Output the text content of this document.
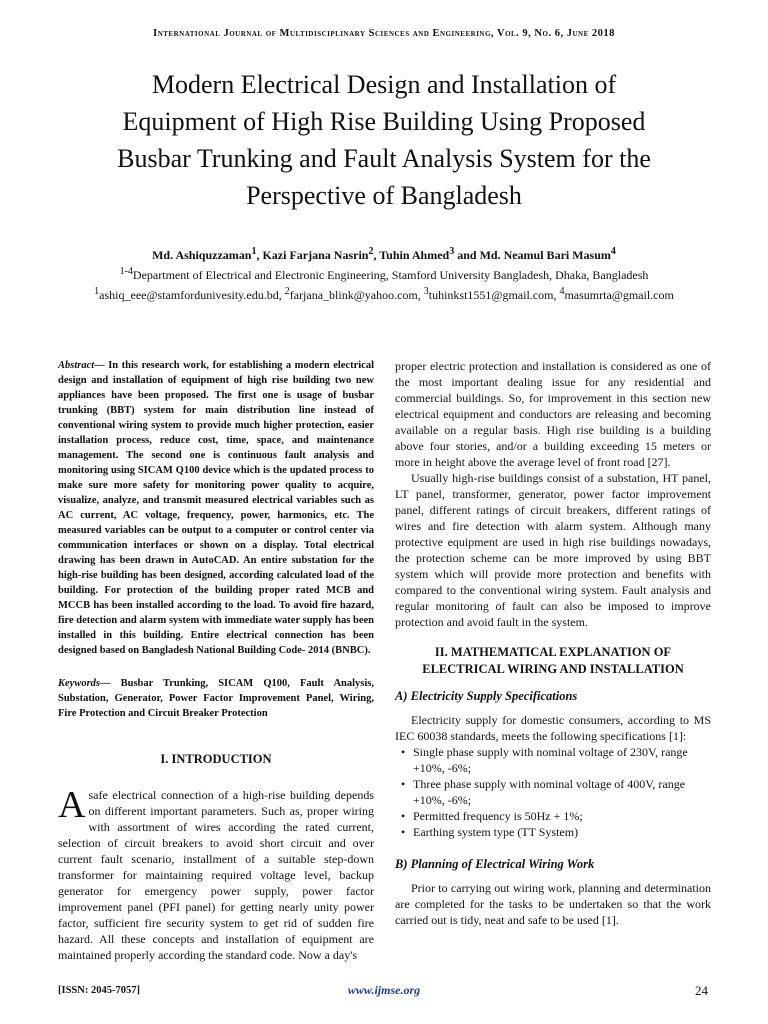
International Journal of Multidisciplinary Sciences and Engineering, Vol. 9, No. 6, June 2018
Modern Electrical Design and Installation of
Equipment of High Rise Building Using Proposed
Busbar Trunking and Fault Analysis System for the
Perspective of Bangladesh
Md. Ashiquzzaman$^1$, Kazi Farjana Nasrin$^2$, Tuhin Ahmed$^3$ and Md. Neamul Bari Masum$^4$
$^{1-4}$Department of Electrical and Electronic Engineering, Stamford University Bangladesh, Dhaka, Bangladesh
$^1$ashiq_eee@stamfordunivesity.edu.bd, $^2$farjana_blink@yahoo.com, $^3$tuhinkst1551@gmail.com, $^4$masumrta@gmail.com

Abstract— In this research work, for establishing a modern electrical design and installation of equipment of high rise building two new appliances have been proposed. The first one is usage of busbar trunking (BBT) system for main distribution line instead of conventional wiring system to provide much higher protection, easier installation process, reduce cost, time, space, and maintenance management. The second one is continuous fault analysis and monitoring using SICAM Q100 device which is the updated process to make sure more safety for monitoring power quality to acquire, visualize, analyze, and transmit measured electrical variables such as AC current, AC voltage, frequency, power, harmonics, etc. The measured variables can be output to a computer or control center via communication interfaces or shown on a display. Total electrical drawing has been drawn in AutoCAD. An entire substation for the high-rise building has been designed, according calculated load of the building. For protection of the building proper rated MCB and MCCB has been installed according to the load. To avoid fire hazard, fire detection and alarm system with immediate water supply has been installed in this building. Entire electrical connection has been designed based on Bangladesh National Building Code- 2014 (BNBC).

Keywords— Busbar Trunking, SICAM Q100, Fault Analysis, Substation, Generator, Power Factor Improvement Panel, Wiring, Fire Protection and Circuit Breaker Protection

I. INTRODUCTION

Asafe electrical connection of a high-rise building depends on different important parameters. Such as, proper wiring with assortment of wires according the rated current, selection of circuit breakers to avoid short circuit and over current fault scenario, installment of a suitable step-down transformer for maintaining required voltage level, backup generator for emergency power supply, power factor improvement panel (PFI panel) for getting nearly unity power factor, sufficient fire security system to get rid of sudden fire hazard. All these concepts and installation of equipment are maintained properly according the standard code. Now a day's

proper electric protection and installation is considered as one of the most important dealing issue for any residential and commercial buildings. So, for improvement in this section new electrical equipment and conductors are releasing and becoming available on a regular basis. High rise building is a building above four stories, and/or a building exceeding 15 meters or more in height above the average level of front road [27].

Usually high-rise buildings consist of a substation, HT panel, LT panel, transformer, generator, power factor improvement panel, different ratings of circuit breakers, different ratings of wires and fire detection with alarm system. Although many protective equipment are used in high rise buildings nowadays, the protection scheme can be more improved by using BBT system which will provide more protection and benefits with compared to the conventional wiring system. Fault analysis and regular monitoring of fault can also be imposed to improve protection and avoid fault in the system.

II. MATHEMATICAL EXPLANATION OF
ELECTRICAL WIRING AND INSTALLATION
A) Electricity Supply Specifications

Electricity supply for domestic consumers, according to MS IEC 60038 standards, meets the following specifications [1]:

• Single phase supply with nominal voltage of 230V, range +10%, -6%;
• Three phase supply with nominal voltage of 400V, range +10%, -6%;
• Permitted frequency is 50Hz + 1%;
• Earthing system type (TT System)
B) Planning of Electrical Wiring Work

Prior to carrying out wiring work, planning and determination are completed for the tasks to be undertaken so that the work carried out is tidy, neat and safe to be used [1].

[ISSN: 2045-7057]	www.ijmse.org	24
